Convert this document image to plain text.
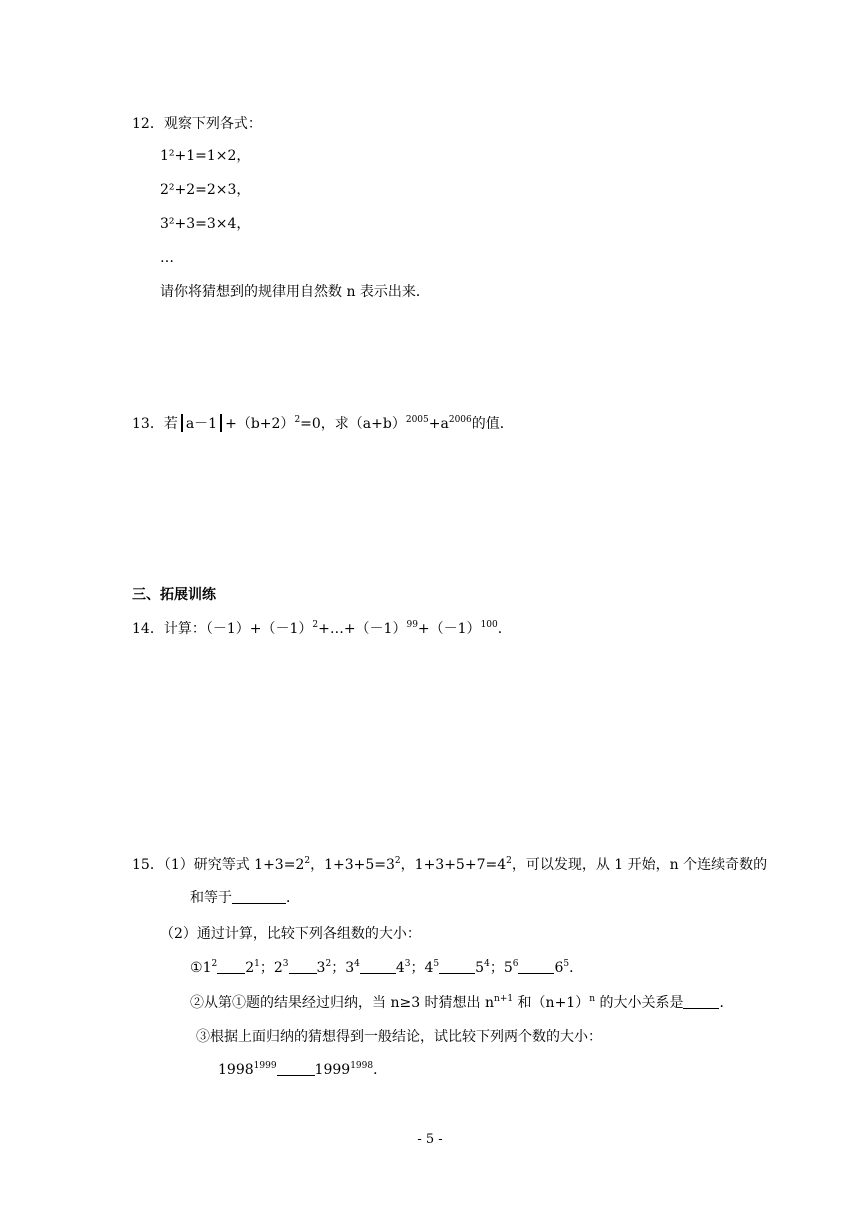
12．观察下列各式：
1²+1=1×2，
2²+2=2×3，
3²+3=3×4，
…
请你将猜想到的规律用自然数 n 表示出来．
13．若 $a-1 +(b+2)^2=0$，求$(a+b)^{2005}+a^{2006}$的值．
三、拓展训练
14．计算：$(-1)+(-1)^2+\dots+(-1)^{99}+(-1)^{100}$．
15．（1）研究等式 $1+3=2^2$，$1+3+5=3^2$，$1+3+5+7=4^2$，可以发现，从 1 开始，n 个连续奇数的
和等于	．
（2）通过计算，比较下列各组数的大小：
$①1^2$ $2^1$；$2^3$ $3^2$；$3^4$	$4^3$；$4^5$	$5^4$；$5^6$	$6^5$．
②从第①题的结果经过归纳，当 n≥3 时猜想出 $n^{n+1}$ 和$(n+1)^n$ 的大小关系是	．
③根据上面归纳的猜想得到一般结论，试比较下列两个数的大小：
$1998^{1999}$	$1999^{1998}$．
- 5 -
